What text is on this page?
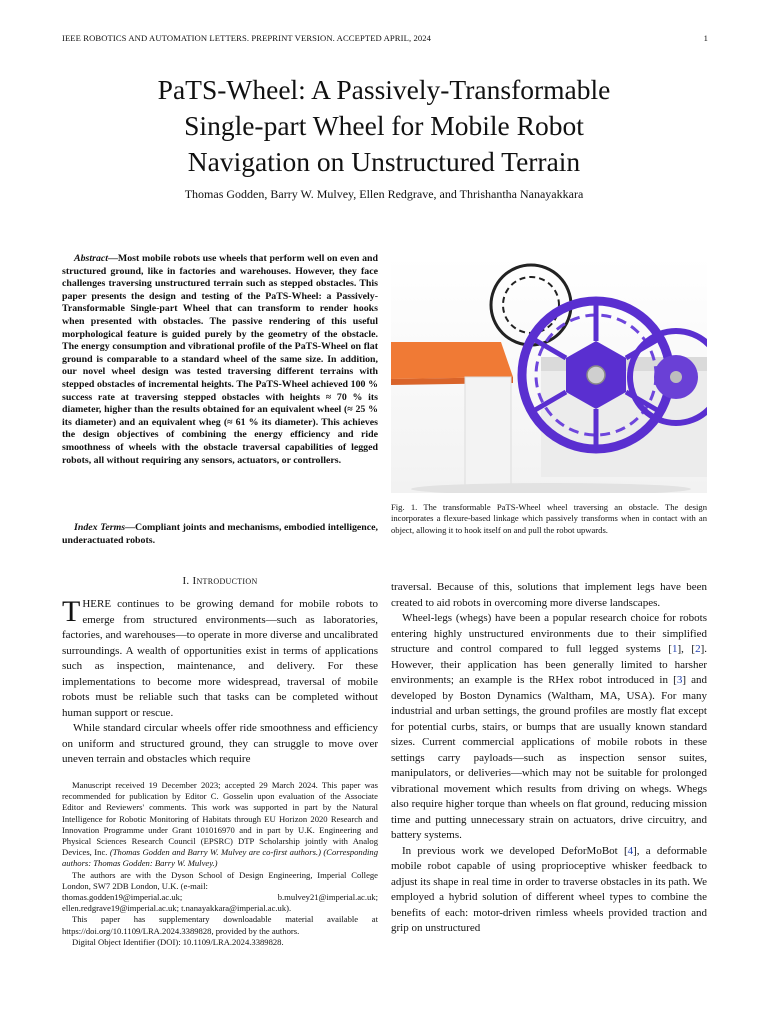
IEEE ROBOTICS AND AUTOMATION LETTERS. PREPRINT VERSION. ACCEPTED APRIL, 2024	1
PaTS-Wheel: A Passively-Transformable
Single-part Wheel for Mobile Robot
Navigation on Unstructured Terrain
Thomas Godden, Barry W. Mulvey, Ellen Redgrave, and Thrishantha Nanayakkara

Abstract—Most mobile robots use wheels that perform well on even and structured ground, like in factories and warehouses. However, they face challenges traversing unstructured terrain such as stepped obstacles. This paper presents the design and testing of the PaTS-Wheel: a Passively-Transformable Single-part Wheel that can transform to render hooks when presented with obstacles. The passive rendering of this useful morphological feature is guided purely by the geometry of the obstacle. The energy consumption and vibrational profile of the PaTS-Wheel on flat ground is comparable to a standard wheel of the same size. In addition, our novel wheel design was tested traversing different terrains with stepped obstacles of incremental heights. The PaTS-Wheel achieved 100 % success rate at traversing stepped obstacles with heights ≈ 70 % its diameter, higher than the results obtained for an equivalent wheel (≈ 25 % its diameter) and an equivalent wheg (≈ 61 % its diameter). This achieves the design objectives of combining the energy efficiency and ride smoothness of wheels with the obstacle traversal capabilities of legged robots, all without requiring any sensors, actuators, or controllers.

Index Terms—Compliant joints and mechanisms, embodied intelligence, underactuated robots.

Fig. 1. The transformable PaTS-Wheel wheel traversing an obstacle. The design incorporates a flexure-based linkage which passively transforms when in contact with an object, allowing it to hook itself on and pull the robot upwards.

I. Introduction

THERE continues to be growing demand for mobile robots to emerge from structured environments—such as laboratories, factories, and warehouses—to operate in more diverse and uncalibrated surroundings. A wealth of opportunities exist in terms of applications such as inspection, maintenance, and delivery. For these implementations to become more widespread, traversal of mobile robots must be reliable such that tasks can be completed without human support or rescue.

While standard circular wheels offer ride smoothness and efficiency on uniform and structured ground, they can struggle to move over uneven terrain and obstacles which require

traversal. Because of this, solutions that implement legs have been created to aid robots in overcoming more diverse landscapes.

Wheel-legs (whegs) have been a popular research choice for robots entering highly unstructured environments due to their simplified structure and control compared to full legged systems [1], [2]. However, their application has been generally limited to harsher environments; an example is the RHex robot introduced in [3] and developed by Boston Dynamics (Waltham, MA, USA). For many industrial and urban settings, the ground profiles are mostly flat except for potential curbs, stairs, or bumps that are usually known standard sizes. Current commercial applications of mobile robots in these settings carry payloads—such as inspection sensor suites, manipulators, or deliveries—which may not be suitable for prolonged vibrational movement which results from driving on whegs. Whegs also require higher torque than wheels on flat ground, reducing mission time and putting unnecessary strain on actuators, drive circuitry, and battery systems.

In previous work we developed DeforMoBot [4], a deformable mobile robot capable of using proprioceptive whisker feedback to adjust its shape in real time in order to traverse obstacles in its path. We employed a hybrid solution of different wheel types to combine the benefits of each: motor-driven rimless wheels provided traction and grip on unstructured

Manuscript received 19 December 2023; accepted 29 March 2024. This paper was recommended for publication by Editor C. Gosselin upon evaluation of the Associate Editor and Reviewers' comments. This work was supported in part by the Natural Intelligence for Robotic Monitoring of Habitats through EU Horizon 2020 Research and Innovation Programme under Grant 101016970 and in part by U.K. Engineering and Physical Sciences Research Council (EPSRC) DTP Scholarship jointly with Analog Devices, Inc. (Thomas Godden and Barry W. Mulvey are co-first authors.) (Corresponding authors: Thomas Godden: Barry W. Mulvey.)

The authors are with the Dyson School of Design Engineering, Imperial College London, SW7 2DB London, U.K. (e-mail:

thomas.godden19@imperial.ac.uk;	b.mulvey21@imperial.ac.uk;
ellen.redgrave19@imperial.ac.uk; t.nanayakkara@imperial.ac.uk).

This paper has supplementary downloadable material available at https://doi.org/10.1109/LRA.2024.3389828, provided by the authors.

Digital Object Identifier (DOI): 10.1109/LRA.2024.3389828.
